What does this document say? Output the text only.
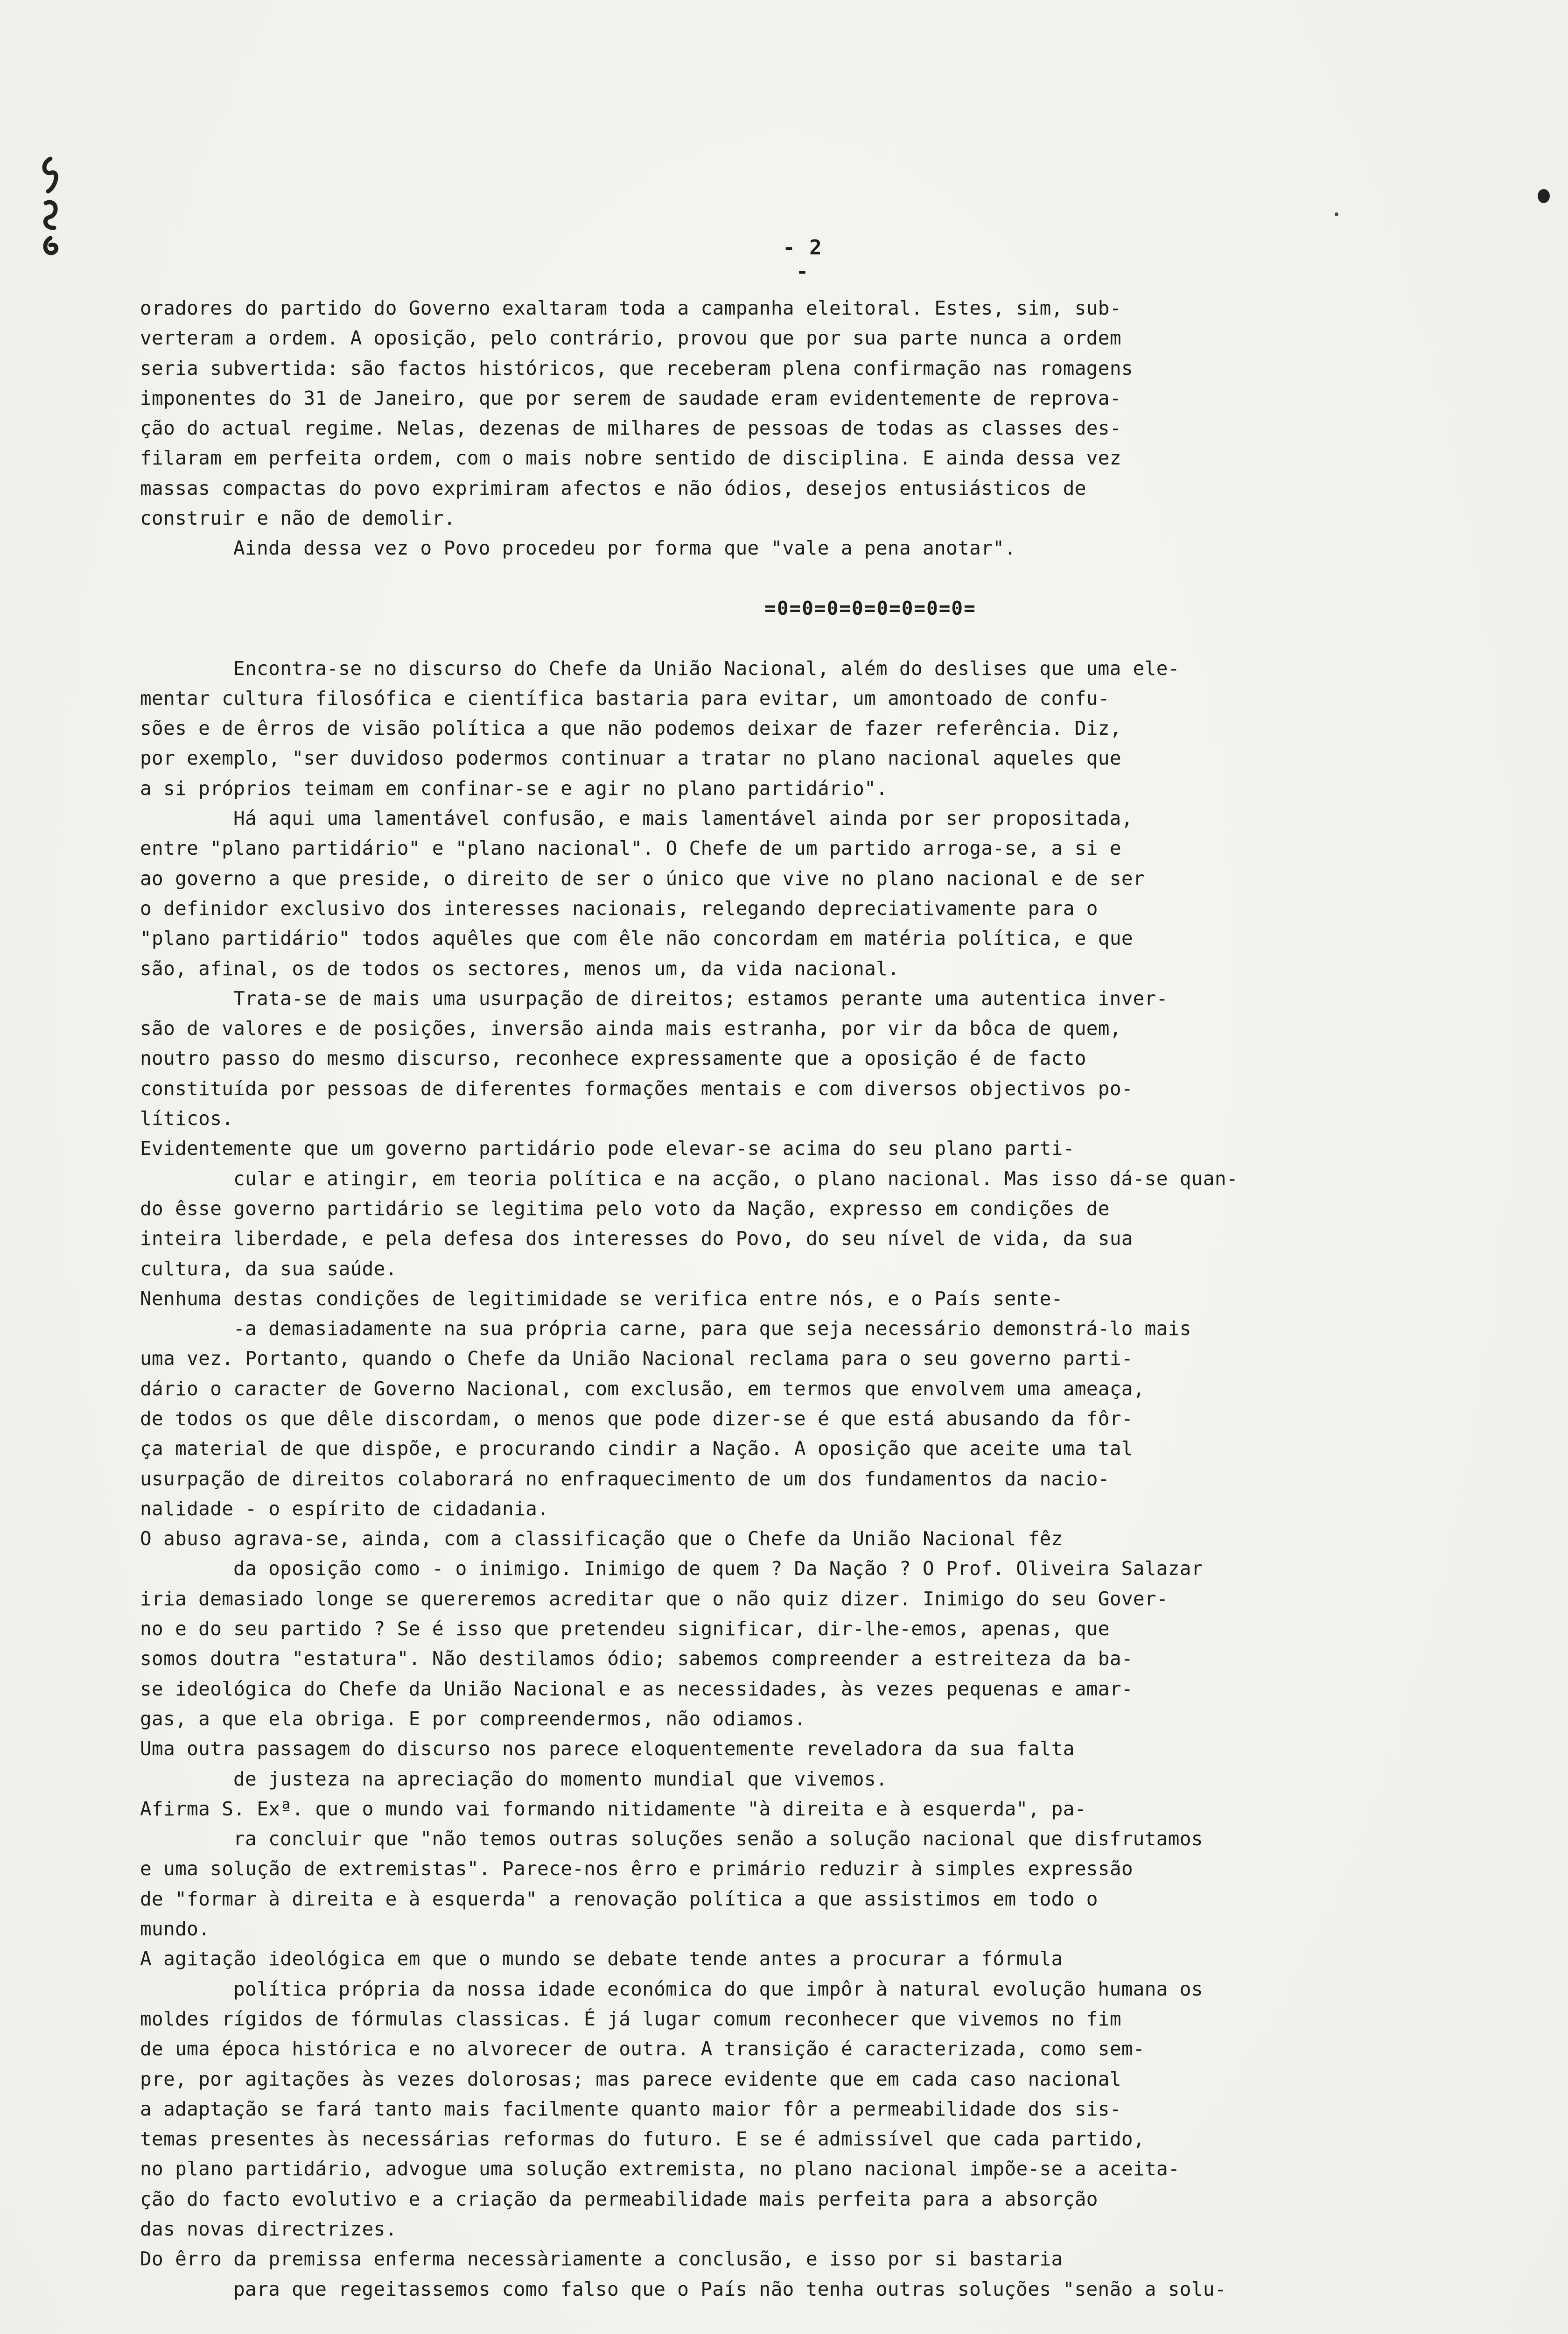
- 2 -
oradores do partido do Governo exaltaram toda a campanha eleitoral. Estes, sim, sub-
verteram a ordem. A oposição, pelo contrário, provou que por sua parte nunca a ordem
seria subvertida: são factos históricos, que receberam plena confirmação nas romagens
imponentes do 31 de Janeiro, que por serem de saudade eram evidentemente de reprova-
ção do actual regime. Nelas, dezenas de milhares de pessoas de todas as classes des-
filaram em perfeita ordem, com o mais nobre sentido de disciplina. E ainda dessa vez
massas compactas do povo exprimiram afectos e não ódios, desejos entusiásticos de
construir e não de demolir.
Ainda dessa vez o Povo procedeu por forma que "vale a pena anotar".
=0=0=0=0=0=0=0=0=
Encontra-se no discurso do Chefe da União Nacional, além do deslises que uma ele-
mentar cultura filosófica e científica bastaria para evitar, um amontoado de confu-
sões e de êrros de visão política a que não podemos deixar de fazer referência. Diz,
por exemplo, "ser duvidoso podermos continuar a tratar no plano nacional aqueles que
a si próprios teimam em confinar-se e agir no plano partidário".
Há aqui uma lamentável confusão, e mais lamentável ainda por ser propositada,
entre "plano partidário" e "plano nacional". O Chefe de um partido arroga-se, a si e
ao governo a que preside, o direito de ser o único que vive no plano nacional e de ser
o definidor exclusivo dos interesses nacionais, relegando depreciativamente para o
"plano partidário" todos aquêles que com êle não concordam em matéria política, e que
são, afinal, os de todos os sectores, menos um, da vida nacional.
Trata-se de mais uma usurpação de direitos; estamos perante uma autentica inver-
são de valores e de posições, inversão ainda mais estranha, por vir da bôca de quem,
noutro passo do mesmo discurso, reconhece expressamente que a oposição é de facto
constituída por pessoas de diferentes formações mentais e com diversos objectivos po-
líticos.
Evidentemente que um governo partidário pode elevar-se acima do seu plano parti-
cular e atingir, em teoria política e na acção, o plano nacional. Mas isso dá-se quan-
do êsse governo partidário se legitima pelo voto da Nação, expresso em condições de
inteira liberdade, e pela defesa dos interesses do Povo, do seu nível de vida, da sua
cultura, da sua saúde.
Nenhuma destas condições de legitimidade se verifica entre nós, e o País sente-
-a demasiadamente na sua própria carne, para que seja necessário demonstrá-lo mais
uma vez. Portanto, quando o Chefe da União Nacional reclama para o seu governo parti-
dário o caracter de Governo Nacional, com exclusão, em termos que envolvem uma ameaça,
de todos os que dêle discordam, o menos que pode dizer-se é que está abusando da fôr-
ça material de que dispõe, e procurando cindir a Nação. A oposição que aceite uma tal
usurpação de direitos colaborará no enfraquecimento de um dos fundamentos da nacio-
nalidade - o espírito de cidadania.
O abuso agrava-se, ainda, com a classificação que o Chefe da União Nacional fêz
da oposição como - o inimigo. Inimigo de quem ? Da Nação ? O Prof. Oliveira Salazar
iria demasiado longe se quereremos acreditar que o não quiz dizer. Inimigo do seu Gover-
no e do seu partido ? Se é isso que pretendeu significar, dir-lhe-emos, apenas, que
somos doutra "estatura". Não destilamos ódio; sabemos compreender a estreiteza da ba-
se ideológica do Chefe da União Nacional e as necessidades, às vezes pequenas e amar-
gas, a que ela obriga. E por compreendermos, não odiamos.
Uma outra passagem do discurso nos parece eloquentemente reveladora da sua falta
de justeza na apreciação do momento mundial que vivemos.
Afirma S. Exª. que o mundo vai formando nitidamente "à direita e à esquerda", pa-
ra concluir que "não temos outras soluções senão a solução nacional que disfrutamos
e uma solução de extremistas". Parece-nos êrro e primário reduzir à simples expressão
de "formar à direita e à esquerda" a renovação política a que assistimos em todo o
mundo.
A agitação ideológica em que o mundo se debate tende antes a procurar a fórmula
política própria da nossa idade económica do que impôr à natural evolução humana os
moldes rígidos de fórmulas classicas. É já lugar comum reconhecer que vivemos no fim
de uma época histórica e no alvorecer de outra. A transição é caracterizada, como sem-
pre, por agitações às vezes dolorosas; mas parece evidente que em cada caso nacional
a adaptação se fará tanto mais facilmente quanto maior fôr a permeabilidade dos sis-
temas presentes às necessárias reformas do futuro. E se é admissível que cada partido,
no plano partidário, advogue uma solução extremista, no plano nacional impõe-se a aceita-
ção do facto evolutivo e a criação da permeabilidade mais perfeita para a absorção
das novas directrizes.
Do êrro da premissa enferma necessàriamente a conclusão, e isso por si bastaria
para que regeitassemos como falso que o País não tenha outras soluções "senão a solu-
